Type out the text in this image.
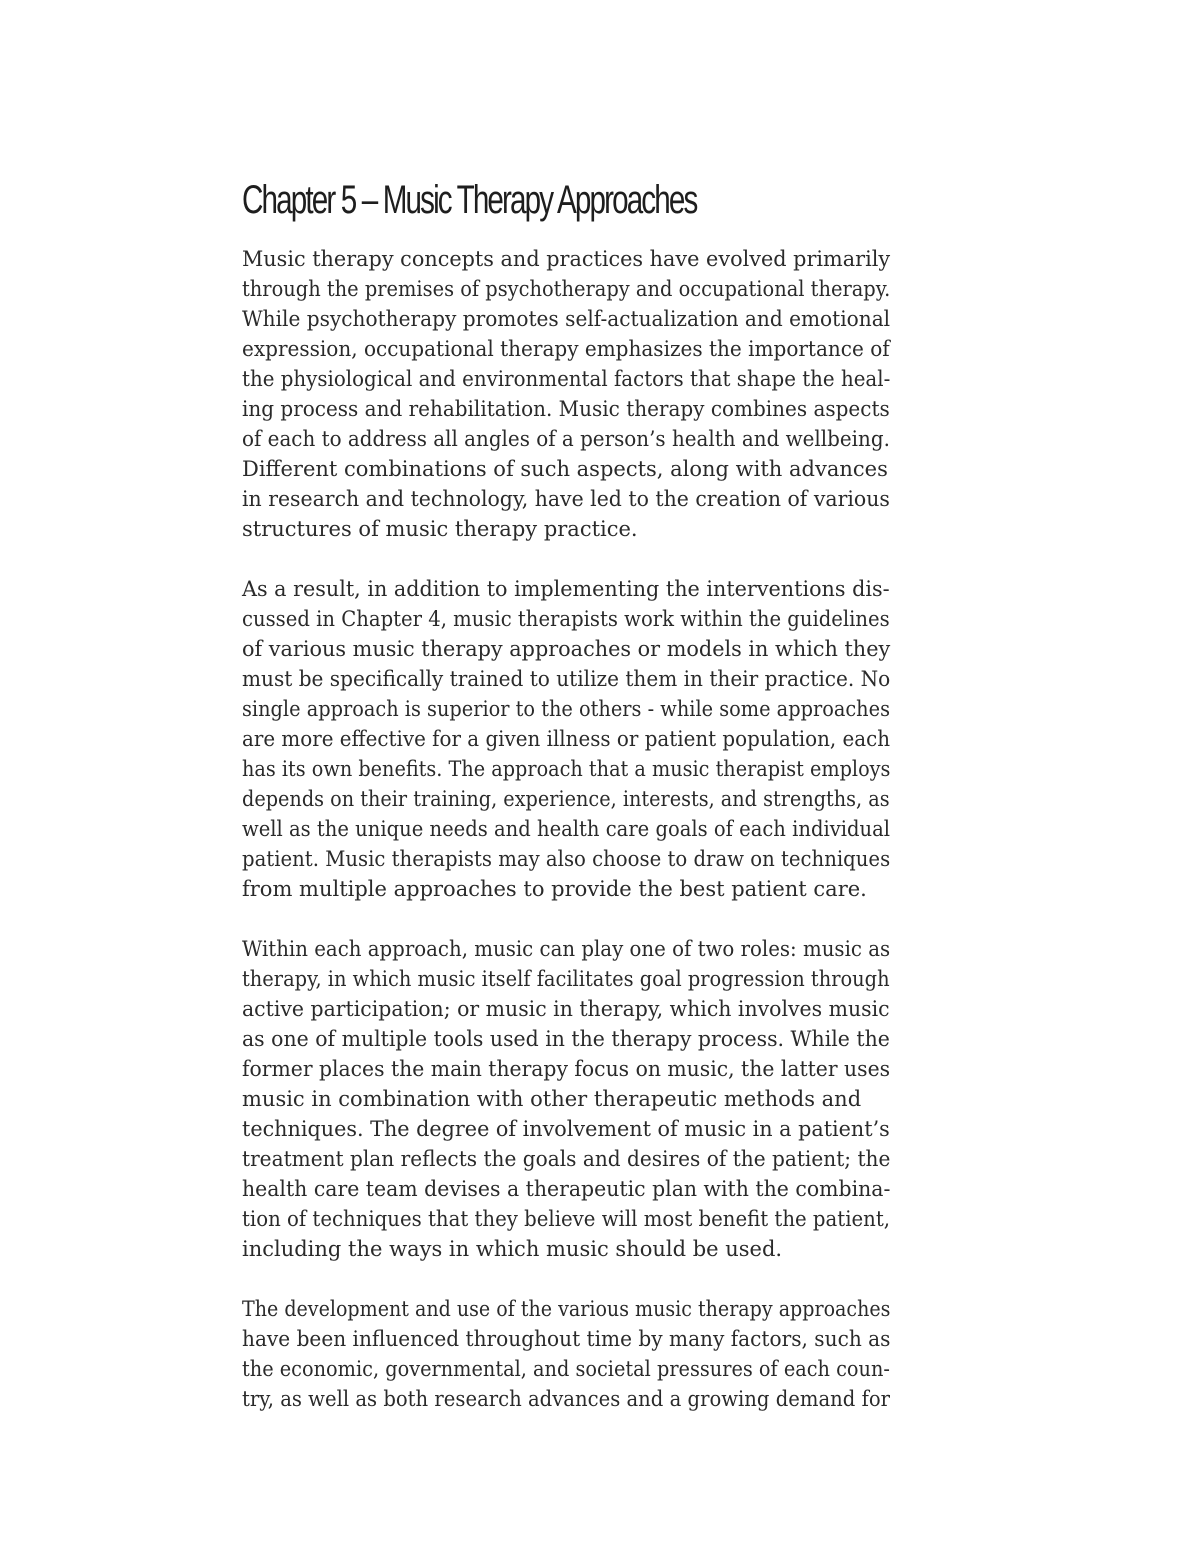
Chapter 5 – Music Therapy Approaches
Music therapy concepts and practices have evolved primarily
through the premises of psychotherapy and occupational therapy.
While psychotherapy promotes self-actualization and emotional
expression, occupational therapy emphasizes the importance of
the physiological and environmental factors that shape the heal-
ing process and rehabilitation. Music therapy combines aspects
of each to address all angles of a person’s health and wellbeing.
Different combinations of such aspects, along with advances
in research and technology, have led to the creation of various
structures of music therapy practice.
As a result, in addition to implementing the interventions dis-
cussed in Chapter 4, music therapists work within the guidelines
of various music therapy approaches or models in which they
must be specifically trained to utilize them in their practice. No
single approach is superior to the others - while some approaches
are more effective for a given illness or patient population, each
has its own benefits. The approach that a music therapist employs
depends on their training, experience, interests, and strengths, as
well as the unique needs and health care goals of each individual
patient. Music therapists may also choose to draw on techniques
from multiple approaches to provide the best patient care.
Within each approach, music can play one of two roles: music as
therapy, in which music itself facilitates goal progression through
active participation; or music in therapy, which involves music
as one of multiple tools used in the therapy process. While the
former places the main therapy focus on music, the latter uses
music in combination with other therapeutic methods and
techniques. The degree of involvement of music in a patient’s
treatment plan reflects the goals and desires of the patient; the
health care team devises a therapeutic plan with the combina-
tion of techniques that they believe will most benefit the patient,
including the ways in which music should be used.
The development and use of the various music therapy approaches
have been influenced throughout time by many factors, such as
the economic, governmental, and societal pressures of each coun-
try, as well as both research advances and a growing demand for
